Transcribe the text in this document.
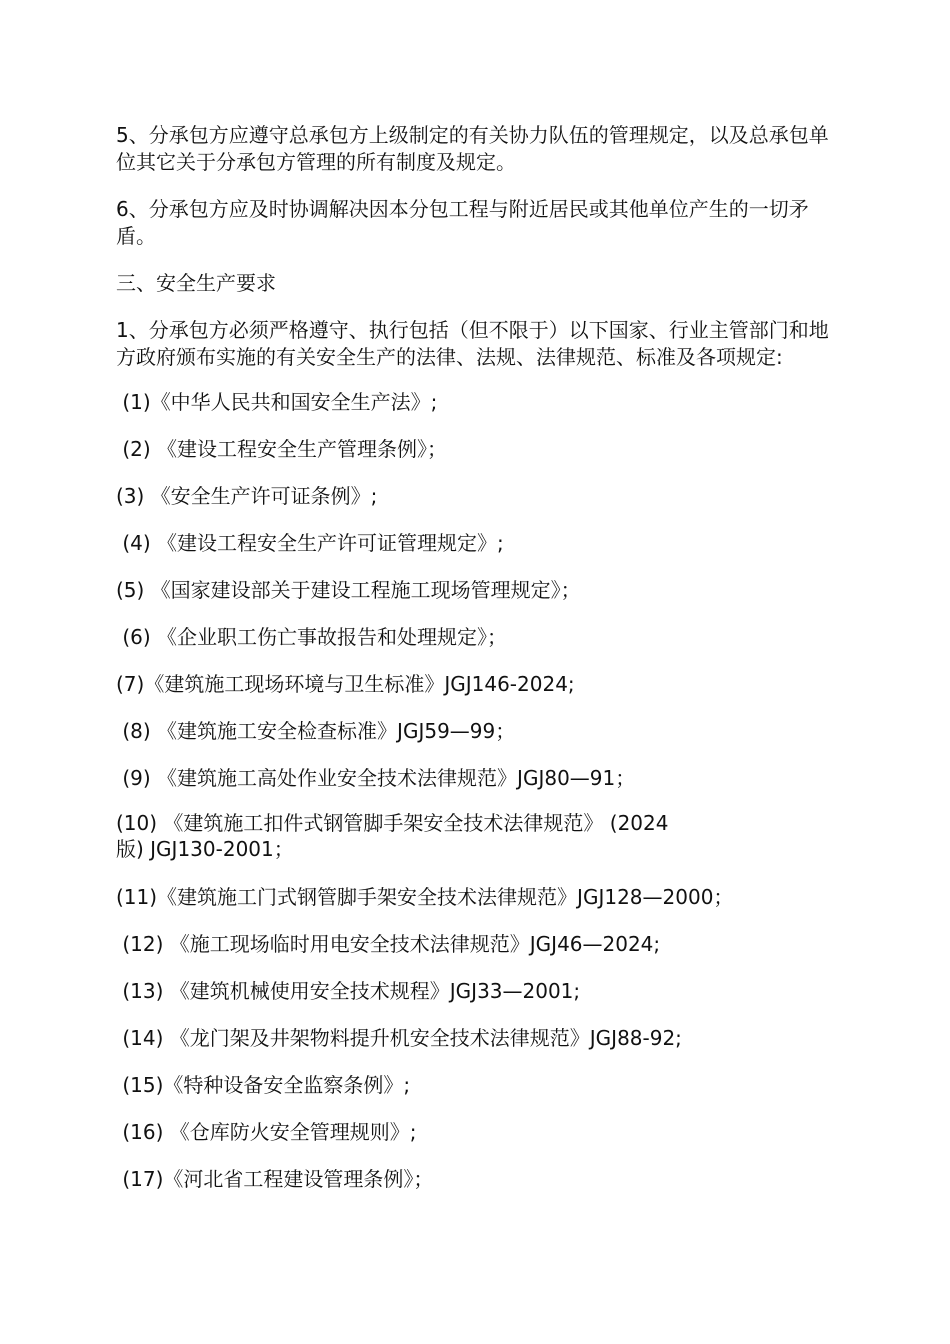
5、分承包方应遵守总承包方上级制定的有关协力队伍的管理规定，以及总承包单位其它关于分承包方管理的所有制度及规定。

6、分承包方应及时协调解决因本分包工程与附近居民或其他单位产生的一切矛盾。

三、安全生产要求

1、分承包方必须严格遵守、执行包括（但不限于）以下国家、行业主管部门和地方政府颁布实施的有关安全生产的法律、法规、法律规范、标准及各项规定:

(1)《中华人民共和国安全生产法》;
(2) 《建设工程安全生产管理条例》；
(3) 《安全生产许可证条例》;
(4) 《建设工程安全生产许可证管理规定》;
(5) 《国家建设部关于建设工程施工现场管理规定》；
(6) 《企业职工伤亡事故报告和处理规定》；
(7)《建筑施工现场环境与卫生标准》JGJ146-2024;
(8) 《建筑施工安全检查标准》JGJ59—99；
(9) 《建筑施工高处作业安全技术法律规范》JGJ80—91；
(10) 《建筑施工扣件式钢管脚手架安全技术法律规范》 (2024
版) JGJ130-2001；
(11)《建筑施工门式钢管脚手架安全技术法律规范》JGJ128—2000；
(12) 《施工现场临时用电安全技术法律规范》JGJ46—2024;
(13) 《建筑机械使用安全技术规程》JGJ33—2001;
(14) 《龙门架及井架物料提升机安全技术法律规范》JGJ88-92;
(15)《特种设备安全监察条例》;
(16) 《仓库防火安全管理规则》;
(17)《河北省工程建设管理条例》；
